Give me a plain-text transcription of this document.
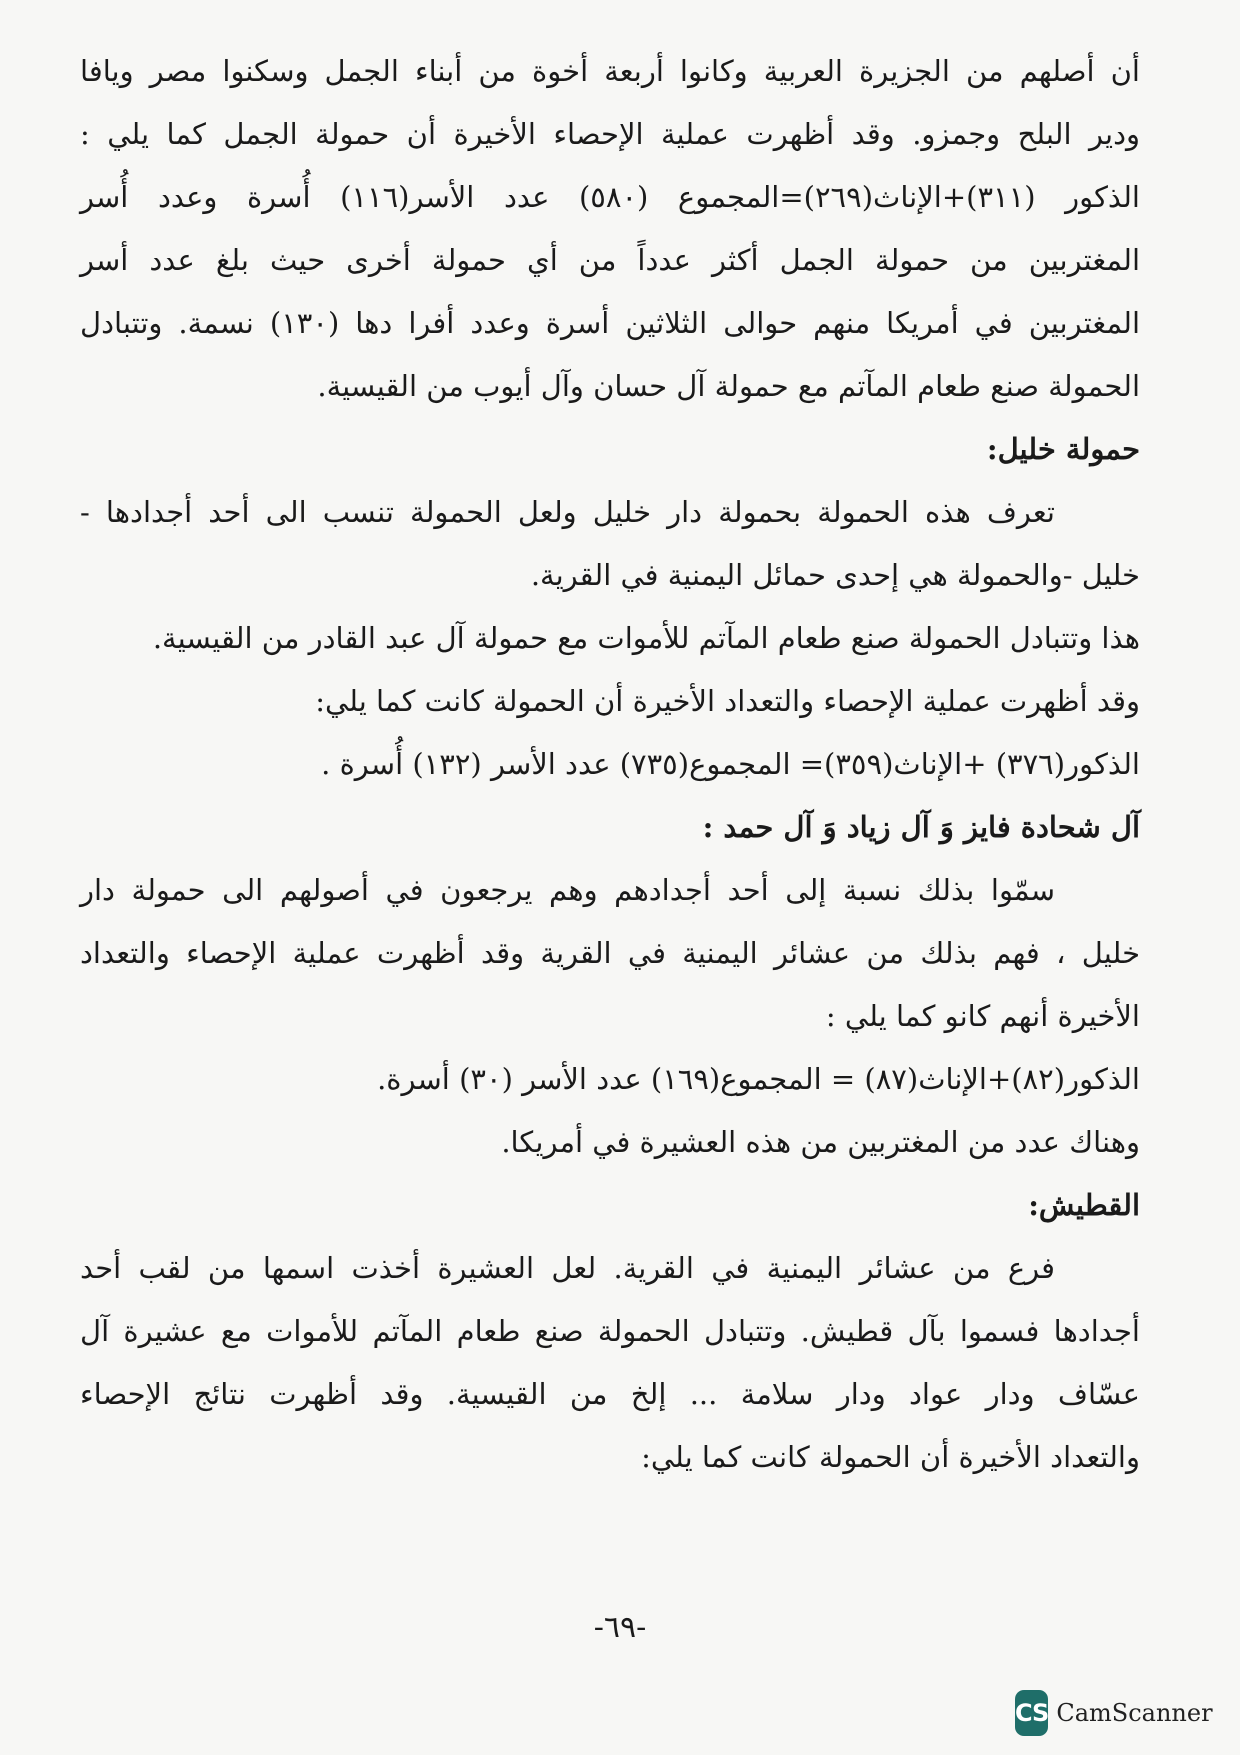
أن أصلهم من الجزيرة العربية وكانوا أربعة أخوة من أبناء الجمل وسكنوا مصر ويافا
ودير البلح وجمزو. وقد أظهرت عملية الإحصاء الأخيرة أن حمولة الجمل كما يلي :
الذكور (٣١١)+الإناث(٢٦٩)=المجموع (٥٨٠) عدد الأسر(١١٦) أُسرة وعدد أُسر
المغتربين من حمولة الجمل أكثر عدداً من أي حمولة أخرى حيث بلغ عدد أسر
المغتربين في أمريكا منهم حوالى الثلاثين أسرة وعدد أفرا دها (١٣٠) نسمة. وتتبادل
الحمولة صنع طعام المآتم مع حمولة آل حسان وآل أيوب من القيسية.
حمولة خليل:
تعرف هذه الحمولة بحمولة دار خليل ولعل الحمولة تنسب الى أحد أجدادها -
خليل -والحمولة هي إحدى حمائل اليمنية في القرية.
هذا وتتبادل الحمولة صنع طعام المآتم للأموات مع حمولة آل عبد القادر من القيسية.
وقد أظهرت عملية الإحصاء والتعداد الأخيرة أن الحمولة كانت كما يلي:
الذكور(٣٧٦) +الإناث(٣٥٩)= المجموع(٧٣٥) عدد الأسر (١٣٢) أُسرة .
آل شحادة فايز وَ آل زياد وَ آل حمد :
سمّوا بذلك نسبة إلى أحد أجدادهم وهم يرجعون في أصولهم الى حمولة دار
خليل ، فهم بذلك من عشائر اليمنية في القرية وقد أظهرت عملية الإحصاء والتعداد
الأخيرة أنهم كانو كما يلي :
الذكور(٨٢)+الإناث(٨٧) = المجموع(١٦٩) عدد الأسر (٣٠) أسرة.
وهناك عدد من المغتربين من هذه العشيرة في أمريكا.
القطيش:
فرع من عشائر اليمنية في القرية. لعل العشيرة أخذت اسمها من لقب أحد
أجدادها فسموا بآل قطيش. وتتبادل الحمولة صنع طعام المآتم للأموات مع عشيرة آل
عسّاف ودار عواد ودار سلامة ... إلخ من القيسية. وقد أظهرت نتائج الإحصاء
والتعداد الأخيرة أن الحمولة كانت كما يلي:
-٦٩-
CS CamScanner
